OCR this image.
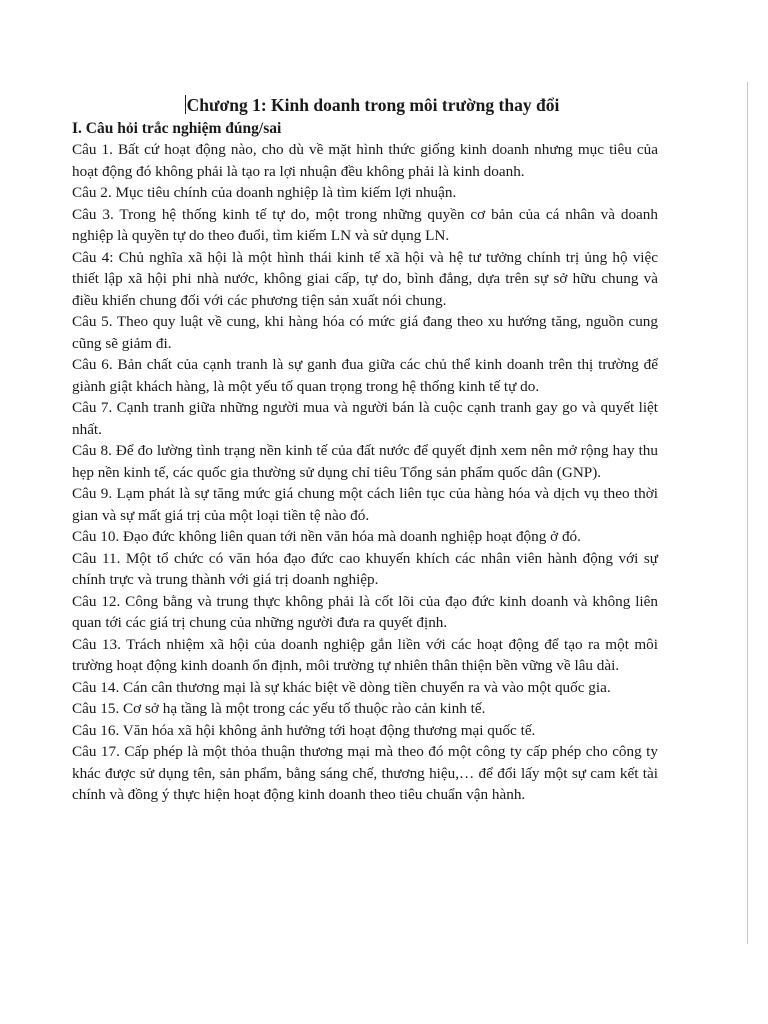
Chương 1: Kinh doanh trong môi trường thay đổi

I. Câu hỏi trắc nghiệm đúng/sai

Câu 1. Bất cứ hoạt động nào, cho dù về mặt hình thức giống kinh doanh nhưng mục tiêu của hoạt động đó không phải là tạo ra lợi nhuận đều không phải là kinh doanh.

Câu 2. Mục tiêu chính của doanh nghiệp là tìm kiếm lợi nhuận.

Câu 3. Trong hệ thống kinh tế tự do, một trong những quyền cơ bản của cá nhân và doanh nghiệp là quyền tự do theo đuổi, tìm kiếm LN và sử dụng LN.

Câu 4: Chủ nghĩa xã hội là một hình thái kinh tế xã hội và hệ tư tưởng chính trị ủng hộ việc thiết lập xã hội phi nhà nước, không giai cấp, tự do, bình đẳng, dựa trên sự sở hữu chung và điều khiển chung đối với các phương tiện sản xuất nói chung.

Câu 5. Theo quy luật về cung, khi hàng hóa có mức giá đang theo xu hướng tăng, nguồn cung cũng sẽ giảm đi.

Câu 6. Bản chất của cạnh tranh là sự ganh đua giữa các chủ thể kinh doanh trên thị trường để giành giật khách hàng, là một yếu tố quan trọng trong hệ thống kinh tế tự do.

Câu 7. Cạnh tranh giữa những người mua và người bán là cuộc cạnh tranh gay go và quyết liệt nhất.

Câu 8. Để đo lường tình trạng nền kinh tế của đất nước để quyết định xem nên mở rộng hay thu hẹp nền kinh tế, các quốc gia thường sử dụng chỉ tiêu Tổng sản phẩm quốc dân (GNP).

Câu 9. Lạm phát là sự tăng mức giá chung một cách liên tục của hàng hóa và dịch vụ theo thời gian và sự mất giá trị của một loại tiền tệ nào đó.

Câu 10. Đạo đức không liên quan tới nền văn hóa mà doanh nghiệp hoạt động ở đó.

Câu 11. Một tổ chức có văn hóa đạo đức cao khuyến khích các nhân viên hành động với sự chính trực và trung thành với giá trị doanh nghiệp.

Câu 12. Công bằng và trung thực không phải là cốt lõi của đạo đức kinh doanh và không liên quan tới các giá trị chung của những người đưa ra quyết định.

Câu 13. Trách nhiệm xã hội của doanh nghiệp gắn liền với các hoạt động để tạo ra một môi trường hoạt động kinh doanh ổn định, môi trường tự nhiên thân thiện bền vững về lâu dài.

Câu 14. Cán cân thương mại là sự khác biệt về dòng tiền chuyển ra và vào một quốc gia.

Câu 15. Cơ sở hạ tầng là một trong các yếu tố thuộc rào cản kinh tế.

Câu 16. Văn hóa xã hội không ảnh hưởng tới hoạt động thương mại quốc tế.

Câu 17. Cấp phép là một thỏa thuận thương mại mà theo đó một công ty cấp phép cho công ty khác được sử dụng tên, sản phẩm, bằng sáng chế, thương hiệu,… để đổi lấy một sự cam kết tài chính và đồng ý thực hiện hoạt động kinh doanh theo tiêu chuẩn vận hành.
